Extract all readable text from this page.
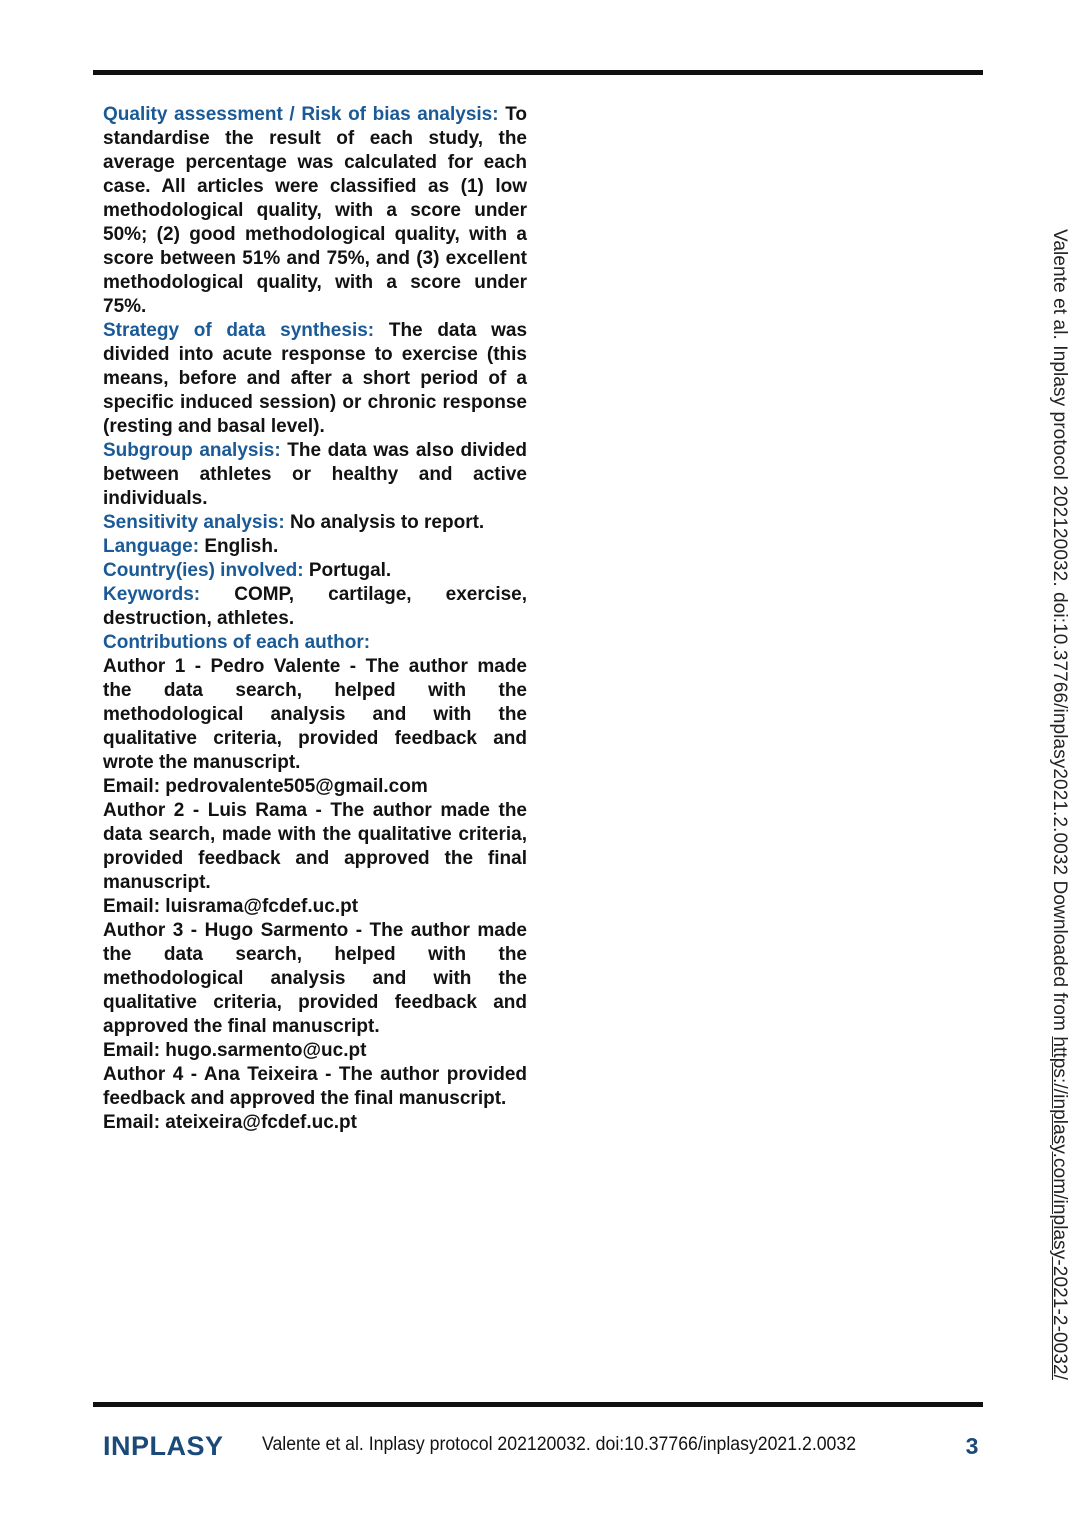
Quality assessment / Risk of bias analysis: To standardise the result of each study, the average percentage was calculated for each case. All articles were classified as (1) low methodological quality, with a score under 50%; (2) good methodological quality, with a score between 51% and 75%, and (3) excellent methodological quality, with a score under 75%.

Strategy of data synthesis: The data was divided into acute response to exercise (this means, before and after a short period of a specific induced session) or chronic response (resting and basal level).

Subgroup analysis: The data was also divided between athletes or healthy and active individuals.

Sensitivity analysis: No analysis to report.

Language: English.

Country(ies) involved: Portugal.

Keywords: COMP, cartilage, exercise, destruction, athletes.

Contributions of each author:

Author 1 - Pedro Valente - The author made the data search, helped with the methodological analysis and with the qualitative criteria, provided feedback and wrote the manuscript.

Email: pedrovalente505@gmail.com

Author 2 - Luis Rama - The author made the data search, made with the qualitative criteria, provided feedback and approved the final manuscript.

Email: luisrama@fcdef.uc.pt

Author 3 - Hugo Sarmento - The author made the data search, helped with the methodological analysis and with the qualitative criteria, provided feedback and approved the final manuscript.

Email: hugo.sarmento@uc.pt

Author 4 - Ana Teixeira - The author provided feedback and approved the final manuscript.

Email: ateixeira@fcdef.uc.pt

Valente et al. Inplasy protocol 202120032. doi:10.37766/inplasy2021.2.0032 Downloaded from https://inplasy.com/inplasy-2021-2-0032/
INPLASY Valente et al. Inplasy protocol 202120032. doi:10.37766/inplasy2021.2.0032	3
